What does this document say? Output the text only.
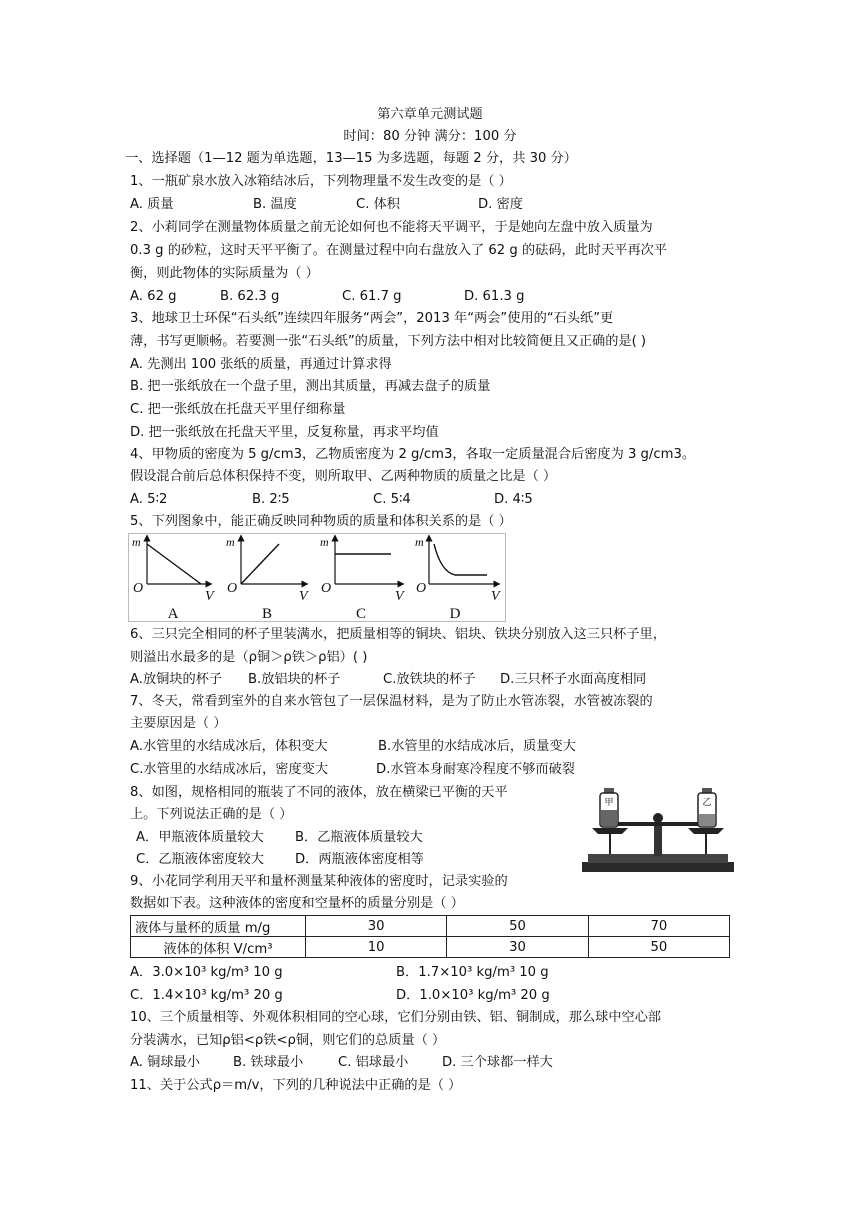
第六章单元测试题
时间：80 分钟 满分：100 分
一、选择题（1—12 题为单选题，13—15 为多选题，每题 2 分，共 30 分）
1、一瓶矿泉水放入冰箱结冰后，下列物理量不发生改变的是（ ）
A. 质量	B. 温度	C. 体积	D. 密度
2、小莉同学在测量物体质量之前无论如何也不能将天平调平，于是她向左盘中放入质量为
0.3 g 的砂粒，这时天平平衡了。在测量过程中向右盘放入了 62 g 的砝码，此时天平再次平
衡，则此物体的实际质量为（ ）
A. 62 g	B. 62.3 g	C. 61.7 g	D. 61.3 g
3、地球卫士环保“石头纸”连续四年服务“两会”，2013 年“两会”使用的“石头纸”更
薄，书写更顺畅。若要测一张“石头纸”的质量，下列方法中相对比较简便且又正确的是( )
A. 先测出 100 张纸的质量，再通过计算求得
B. 把一张纸放在一个盘子里，测出其质量，再减去盘子的质量
C. 把一张纸放在托盘天平里仔细称量
D. 把一张纸放在托盘天平里，反复称量，再求平均值
4、甲物质的密度为 5 g/cm3，乙物质密度为 2 g/cm3，各取一定质量混合后密度为 3 g/cm3。
假设混合前后总体积保持不变，则所取甲、乙两种物质的质量之比是（ ）
A. 5∶2	B. 2∶5	C. 5∶4	D. 4∶5
5、下列图象中，能正确反映同种物质的质量和体积关系的是（ ）
m	m	m	m
O	O	O	O
V	V	V	V
A	B	C	D
6、三只完全相同的杯子里装满水，把质量相等的铜块、铝块、铁块分别放入这三只杯子里，
则溢出水最多的是（ρ铜＞ρ铁＞ρ铝）( )
A.放铜块的杯子 B.放铝块的杯子	C.放铁块的杯子 D.三只杯子水面高度相同
7、冬天，常看到室外的自来水管包了一层保温材料，是为了防止水管冻裂，水管被冻裂的
主要原因是（ ）
A.水管里的水结成冰后，体积变大	B.水管里的水结成冰后，质量变大
C.水管里的水结成冰后，密度变大	D.水管本身耐寒冷程度不够而破裂
8、如图，规格相同的瓶装了不同的液体，放在横梁已平衡的天平
上。下列说法正确的是（ ）
A．甲瓶液体质量较大 B．乙瓶液体质量较大
C．乙瓶液体密度较大 D．两瓶液体密度相等
甲	乙
9、小花同学利用天平和量杯测量某种液体的密度时，记录实验的
数据如下表。这种液体的密度和空量杯的质量分别是（ ）
液体与量杯的质量 m/g	30	50	70
液体的体积 V/cm³	10	30	50
A．3.0×10³ kg/m³ 10 g	B．1.7×10³ kg/m³ 10 g
C．1.4×10³ kg/m³ 20 g	D．1.0×10³ kg/m³ 20 g
10、三个质量相等、外观体积相同的空心球，它们分别由铁、铝、铜制成，那么球中空心部
分装满水，已知ρ铝<ρ铁<ρ铜，则它们的总质量（ ）
A. 铜球最小	B. 铁球最小	C. 铝球最小	D. 三个球都一样大
11、关于公式ρ＝m/v，下列的几种说法中正确的是（ ）
